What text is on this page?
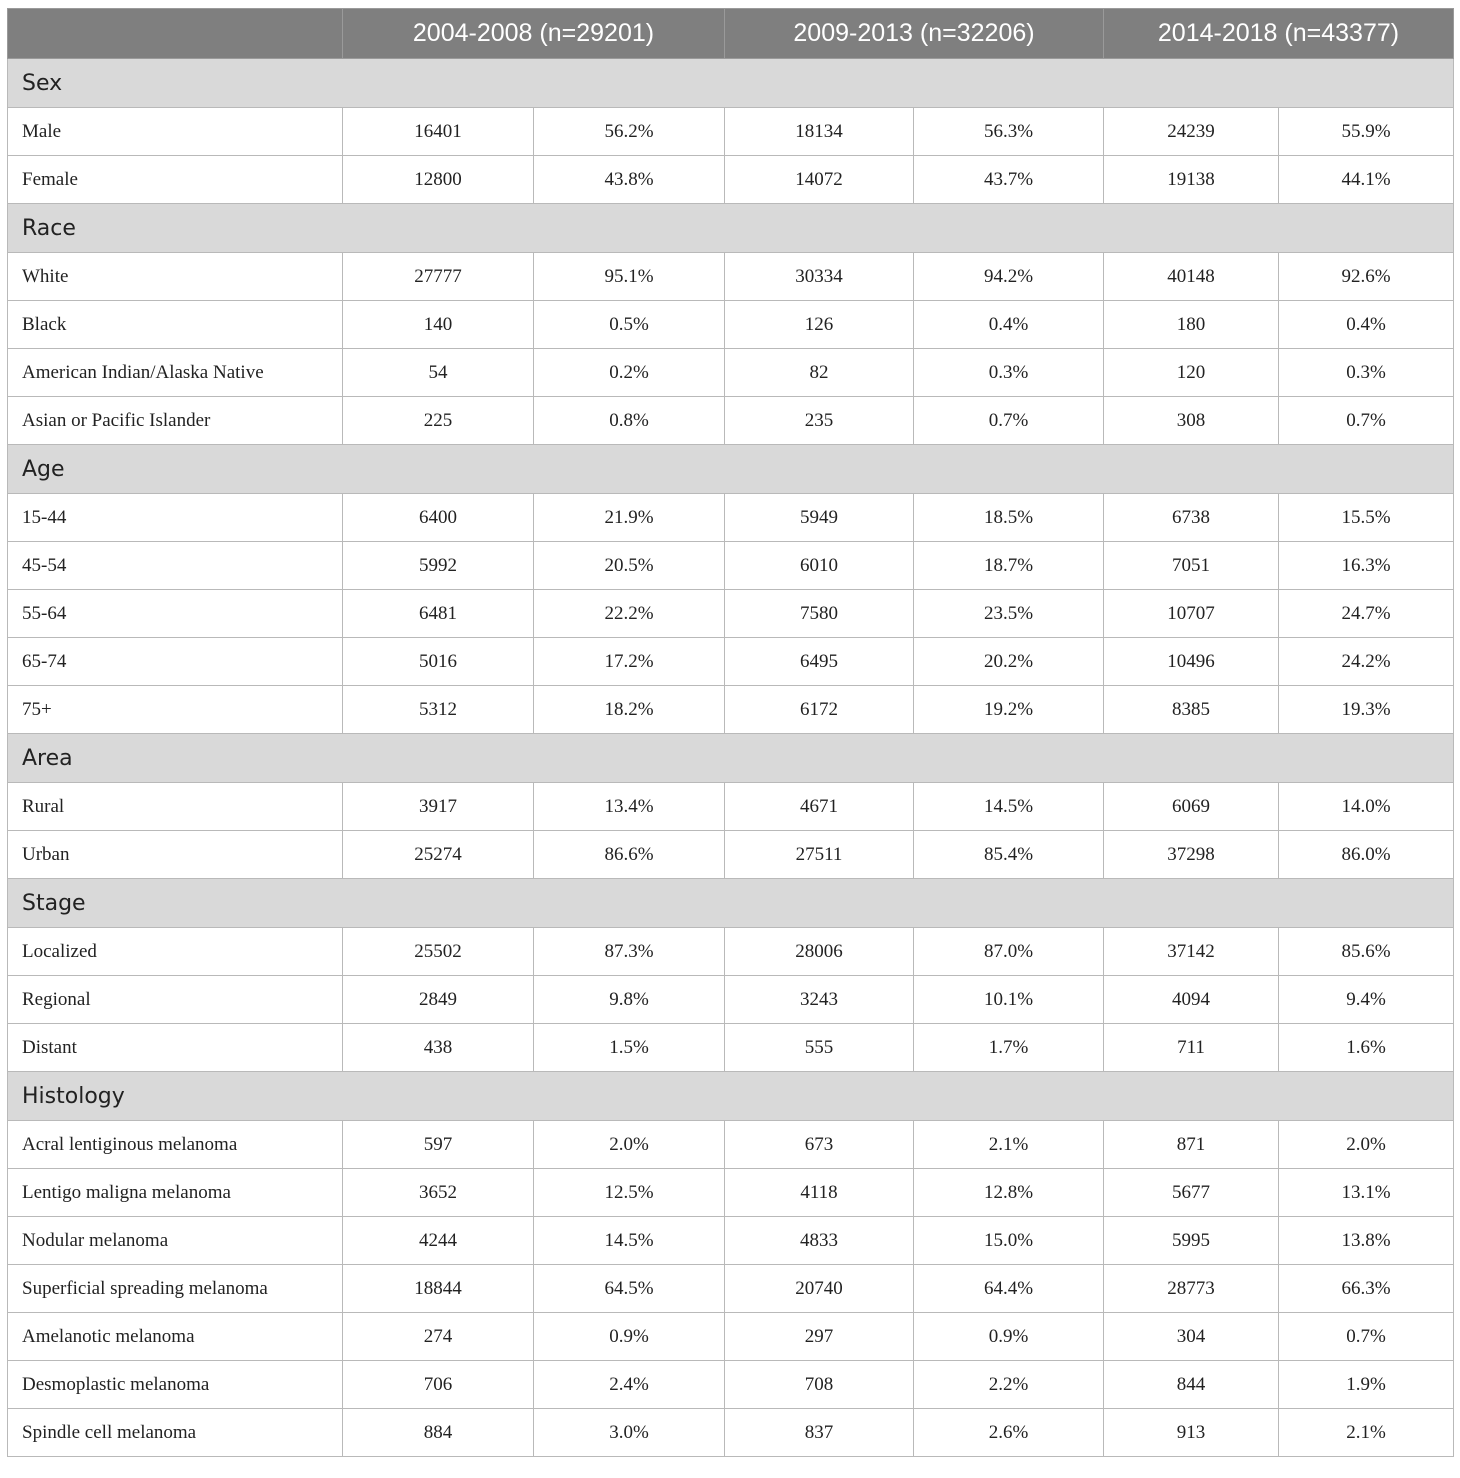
	2004-2008 (n=29201)		2009-2013 (n=32206)		2014-2018 (n=43377)	
Sex						
Male	16401	56.2%	18134	56.3%	24239	55.9%
Female	12800	43.8%	14072	43.7%	19138	44.1%
Race						
White	27777	95.1%	30334	94.2%	40148	92.6%
Black	140	0.5%	126	0.4%	180	0.4%
American Indian/Alaska Native	54	0.2%	82	0.3%	120	0.3%
Asian or Pacific Islander	225	0.8%	235	0.7%	308	0.7%
Age						
15-44	6400	21.9%	5949	18.5%	6738	15.5%
45-54	5992	20.5%	6010	18.7%	7051	16.3%
55-64	6481	22.2%	7580	23.5%	10707	24.7%
65-74	5016	17.2%	6495	20.2%	10496	24.2%
75+	5312	18.2%	6172	19.2%	8385	19.3%
Area						
Rural	3917	13.4%	4671	14.5%	6069	14.0%
Urban	25274	86.6%	27511	85.4%	37298	86.0%
Stage						
Localized	25502	87.3%	28006	87.0%	37142	85.6%
Regional	2849	9.8%	3243	10.1%	4094	9.4%
Distant	438	1.5%	555	1.7%	711	1.6%
Histology						
Acral lentiginous melanoma	597	2.0%	673	2.1%	871	2.0%
Lentigo maligna melanoma	3652	12.5%	4118	12.8%	5677	13.1%
Nodular melanoma	4244	14.5%	4833	15.0%	5995	13.8%
Superficial spreading melanoma	18844	64.5%	20740	64.4%	28773	66.3%
Amelanotic melanoma	274	0.9%	297	0.9%	304	0.7%
Desmoplastic melanoma	706	2.4%	708	2.2%	844	1.9%
Spindle cell melanoma	884	3.0%	837	2.6%	913	2.1%
